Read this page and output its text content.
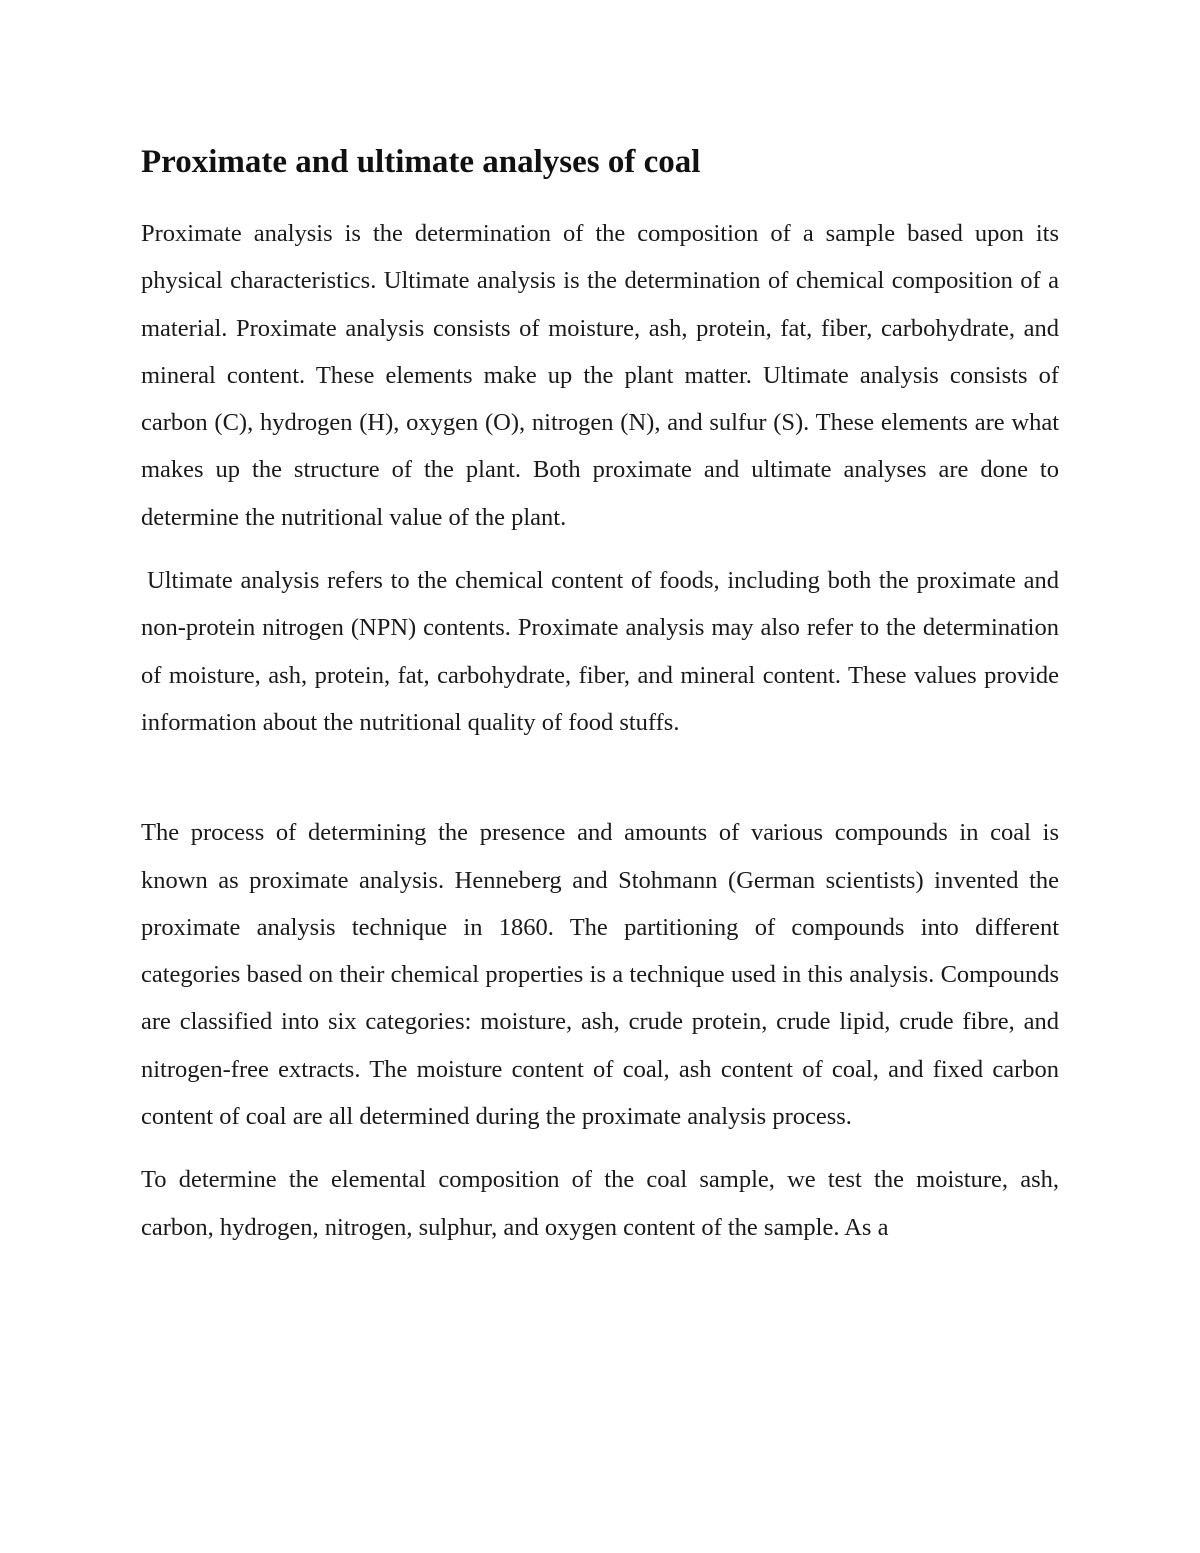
Proximate and ultimate analyses of coal

Proximate analysis is the determination of the composition of a sample based upon its physical characteristics. Ultimate analysis is the determination of chemical composition of a material. Proximate analysis consists of moisture, ash, protein, fat, fiber, carbohydrate, and mineral content. These elements make up the plant matter. Ultimate analysis consists of carbon (C), hydrogen (H), oxygen (O), nitrogen (N), and sulfur (S). These elements are what makes up the structure of the plant. Both proximate and ultimate analyses are done to determine the nutritional value of the plant.

Ultimate analysis refers to the chemical content of foods, including both the proximate and non-protein nitrogen (NPN) contents. Proximate analysis may also refer to the determination of moisture, ash, protein, fat, carbohydrate, fiber, and mineral content. These values provide information about the nutritional quality of food stuffs.

The process of determining the presence and amounts of various compounds in coal is known as proximate analysis. Henneberg and Stohmann (German scientists) invented the proximate analysis technique in 1860. The partitioning of compounds into different categories based on their chemical properties is a technique used in this analysis. Compounds are classified into six categories: moisture, ash, crude protein, crude lipid, crude fibre, and nitrogen-free extracts. The moisture content of coal, ash content of coal, and fixed carbon content of coal are all determined during the proximate analysis process.

To determine the elemental composition of the coal sample, we test the moisture, ash, carbon, hydrogen, nitrogen, sulphur, and oxygen content of the sample. As a
